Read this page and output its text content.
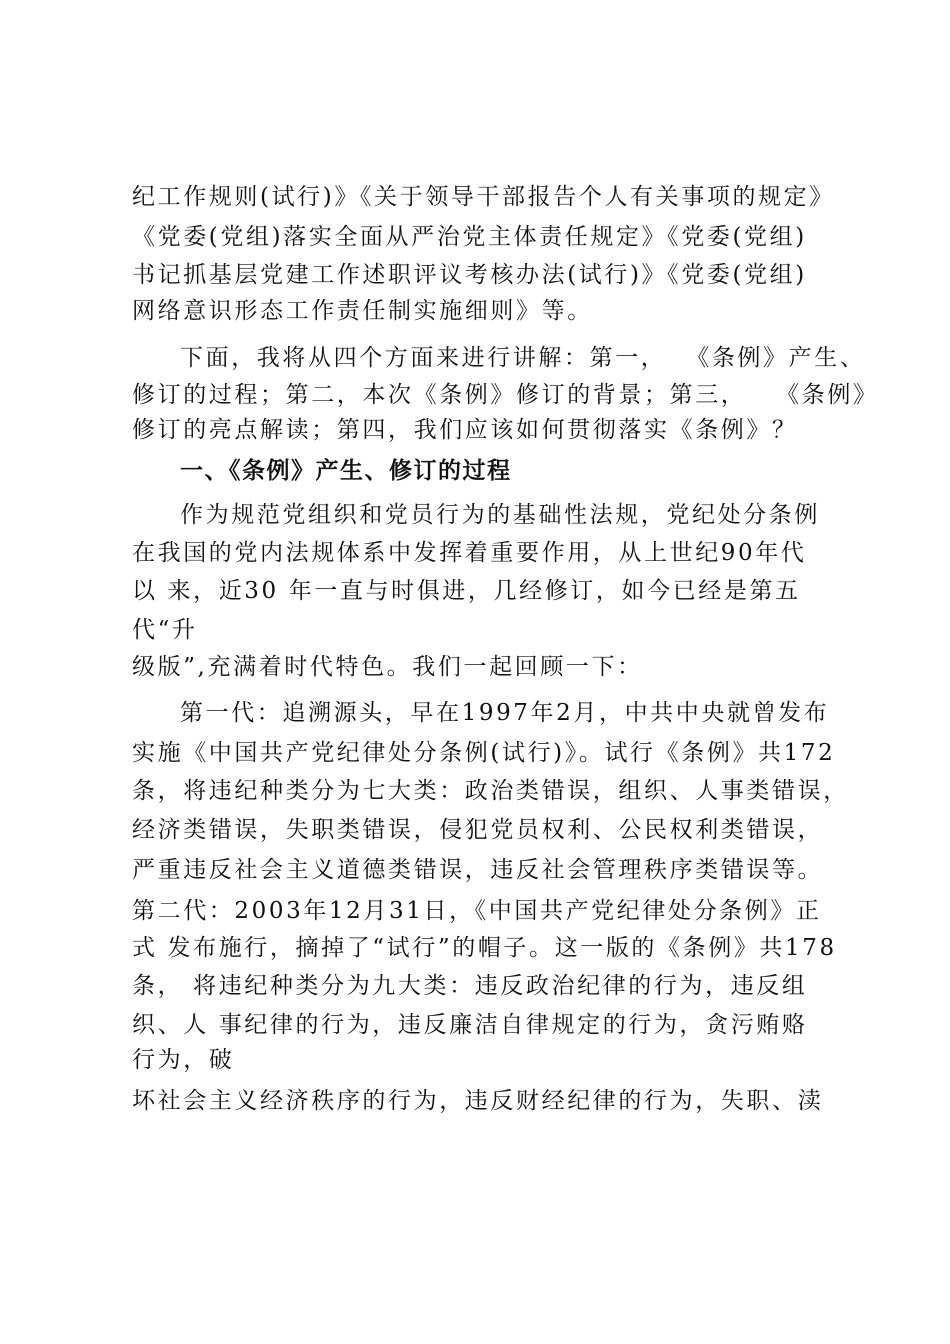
纪工作规则(试行)》《关于领导干部报告个人有关事项的规定》
《党委(党组)落实全面从严治党主体责任规定》《党委(党组)
书记抓基层党建工作述职评议考核办法(试行)》《党委(党组)
网络意识形态工作责任制实施细则》等。
下面，我将从四个方面来进行讲解：第一，  《条例》产生、
修订的过程；第二，本次《条例》修订的背景；第三，   《条例》
修订的亮点解读；第四，我们应该如何贯彻落实《条例》？
一、《条例》产生、修订的过程
作为规范党组织和党员行为的基础性法规，党纪处分条例
在我国的党内法规体系中发挥着重要作用，从上世纪90年代
以 来，近30 年一直与时俱进，几经修订，如今已经是第五
代“升
级版”,充满着时代特色。我们一起回顾一下：
第一代：追溯源头，早在1997年2月，中共中央就曾发布
实施《中国共产党纪律处分条例(试行)》。试行《条例》共172
条，将违纪种类分为七大类：政治类错误，组织、人事类错误，
经济类错误，失职类错误，侵犯党员权利、公民权利类错误，
严重违反社会主义道德类错误，违反社会管理秩序类错误等。
第二代：2003年12月31日，《中国共产党纪律处分条例》正
式 发布施行，摘掉了“试行”的帽子。这一版的《条例》共178
条， 将违纪种类分为九大类：违反政治纪律的行为，违反组
织、人 事纪律的行为，违反廉洁自律规定的行为，贪污贿赂
行为，破
坏社会主义经济秩序的行为，违反财经纪律的行为，失职、渎
